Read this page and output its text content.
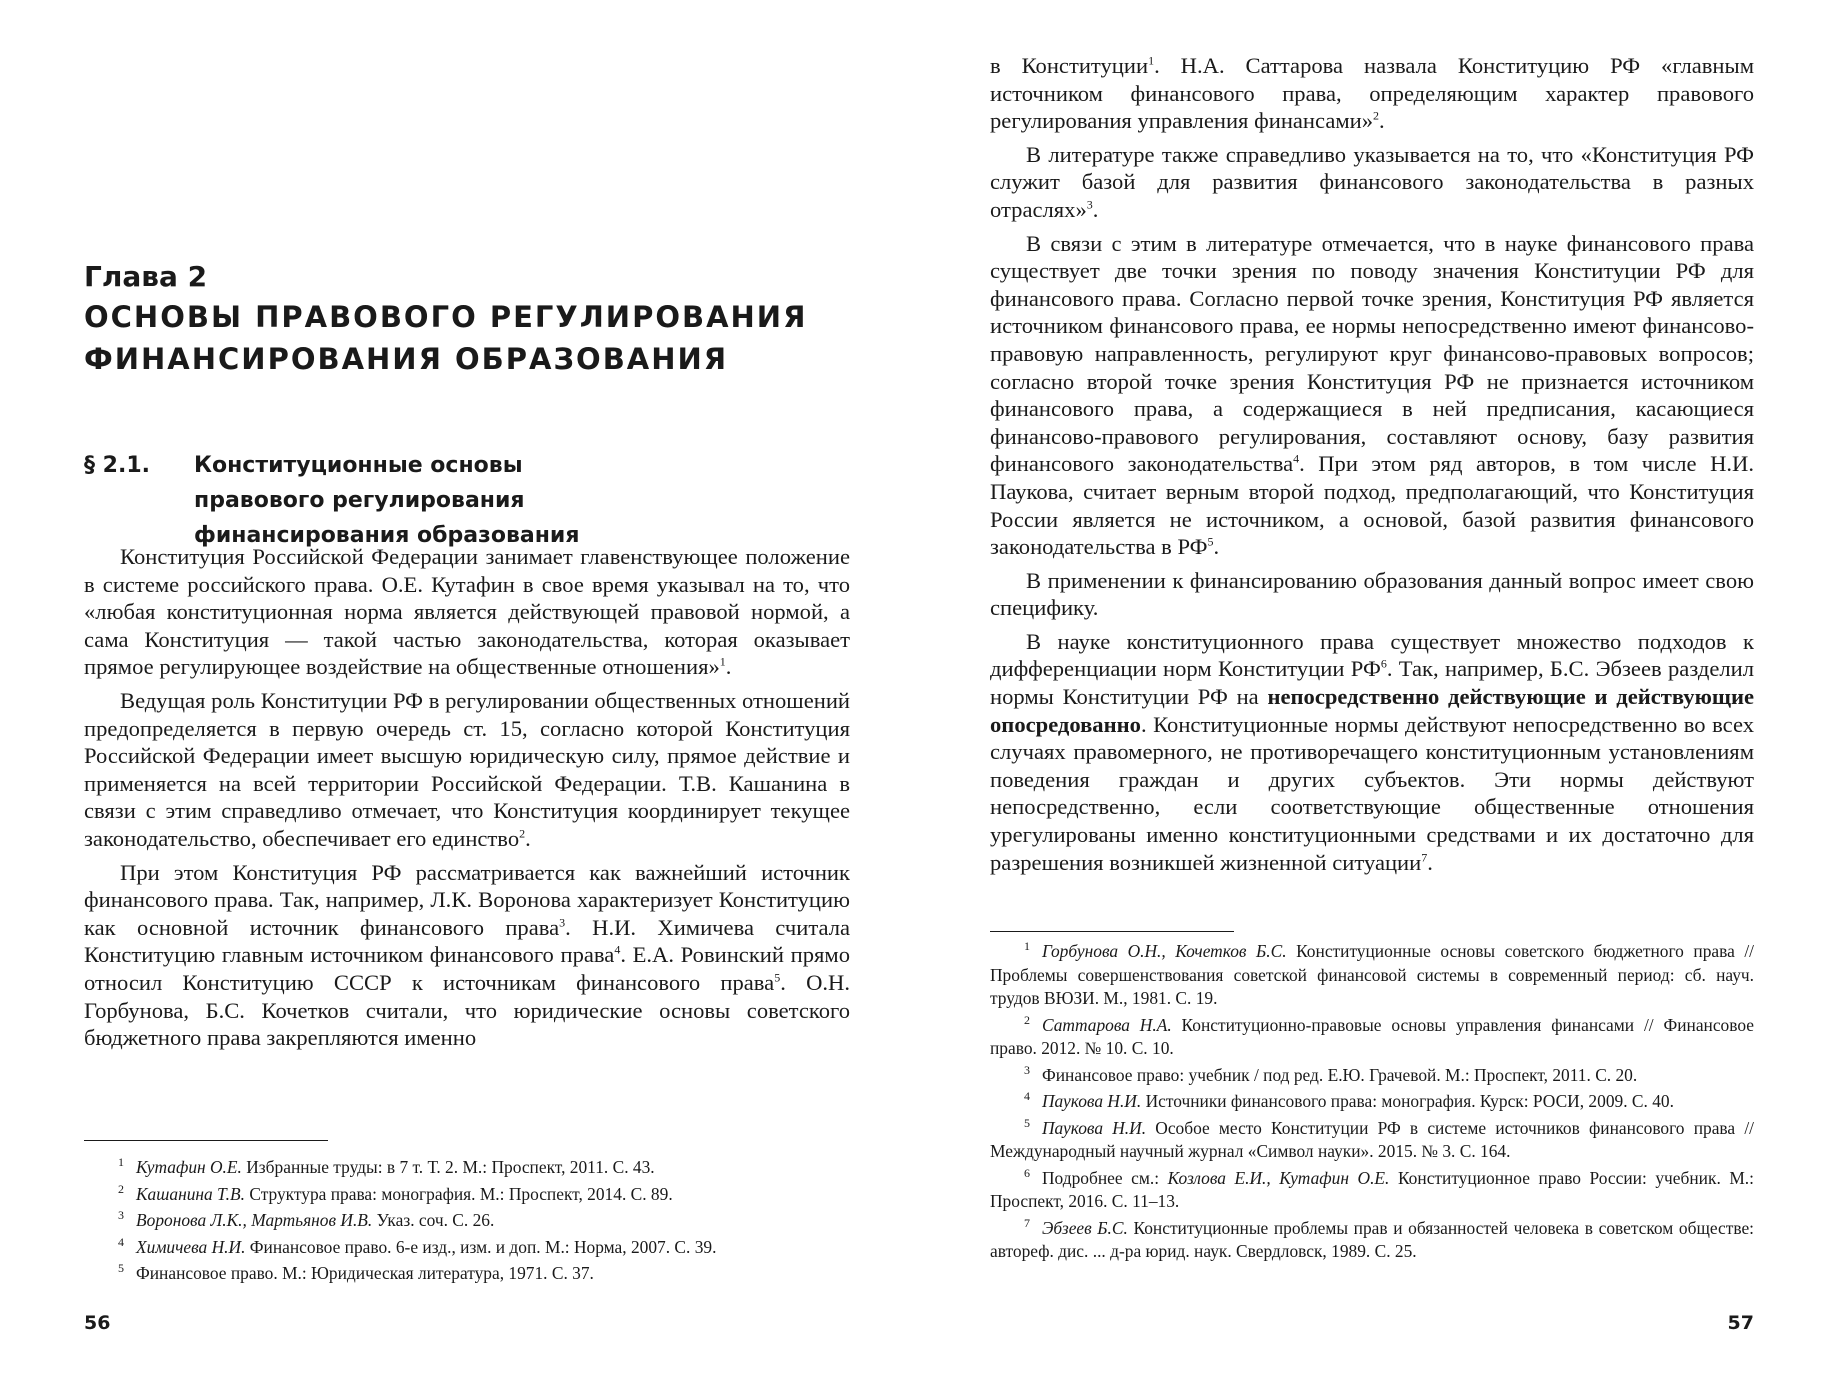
Глава 2
ОСНОВЫ ПРАВОВОГО РЕГУЛИРОВАНИЯ
ФИНАНСИРОВАНИЯ ОБРАЗОВАНИЯ
§ 2.1. Конституционные основы
правового регулирования
финансирования образования

Конституция Российской Федерации занимает главенствующее положение в системе российского права. О.Е. Кутафин в свое время указывал на то, что «любая конституционная норма является действующей правовой нормой, а сама Конституция — такой частью законодательства, которая оказывает прямое регулирующее воздействие на общественные отношения»$^1$.

Ведущая роль Конституции РФ в регулировании общественных отношений предопределяется в первую очередь ст. 15, согласно которой Конституция Российской Федерации имеет высшую юридическую силу, прямое действие и применяется на всей территории Российской Федерации. Т.В. Кашанина в связи с этим справедливо отмечает, что Конституция координирует текущее законодательство, обеспечивает его единство$^2$.

При этом Конституция РФ рассматривается как важнейший источник финансового права. Так, например, Л.К. Воронова характеризует Конституцию как основной источник финансового права$^3$. Н.И. Химичева считала Конституцию главным источником финансового права$^4$. Е.А. Ровинский прямо относил Конституцию СССР к источникам финансового права$^5$. О.Н. Горбунова, Б.С. Кочетков считали, что юридические основы советского бюджетного права закрепляются именно

$^1$ Кутафин О.Е. Избранные труды: в 7 т. Т. 2. М.: Проспект, 2011. С. 43.

$^2$ Кашанина Т.В. Структура права: монография. М.: Проспект, 2014. С. 89.

$^3$ Воронова Л.К., Мартьянов И.В. Указ. соч. С. 26.

$^4$ Химичева Н.И. Финансовое право. 6-е изд., изм. и доп. М.: Норма, 2007. С. 39.

$^5$ Финансовое право. М.: Юридическая литература, 1971. С. 37.

56

в Конституции$^1$. Н.А. Саттарова назвала Конституцию РФ «главным источником финансового права, определяющим характер правового регулирования управления финансами»$^2$.

В литературе также справедливо указывается на то, что «Конституция РФ служит базой для развития финансового законодательства в разных отраслях»$^3$.

В связи с этим в литературе отмечается, что в науке финансового права существует две точки зрения по поводу значения Конституции РФ для финансового права. Согласно первой точке зрения, Конституция РФ является источником финансового права, ее нормы непосредственно имеют финансово-правовую направленность, регулируют круг финансово-правовых вопросов; согласно второй точке зрения Конституция РФ не признается источником финансового права, а содержащиеся в ней предписания, касающиеся финансово-правового регулирования, составляют основу, базу развития финансового законодательства$^4$. При этом ряд авторов, в том числе Н.И. Паукова, считает верным второй подход, предполагающий, что Конституция России является не источником, а основой, базой развития финансового законодательства в $РФ^5$.

В применении к финансированию образования данный вопрос имеет свою специфику.

В науке конституционного права существует множество подходов к дифференциации норм Конституции $РФ^6$. Так, например, Б.С. Эбзеев разделил нормы Конституции РФ на непосредственно действующие и действующие опосредованно. Конституционные нормы действуют непосредственно во всех случаях правомерного, не противоречащего конституционным установлениям поведения граждан и других субъектов. Эти нормы действуют непосредственно, если соответствующие общественные отношения урегулированы именно конституционными средствами и их достаточно для разрешения возникшей жизненной ситуации$^7$.

$^1$ Горбунова О.Н., Кочетков Б.С. Конституционные основы советского бюджетного права // Проблемы совершенствования советской финансовой системы в современный период: сб. науч. трудов ВЮЗИ. М., 1981. С. 19.

$^2$ Саттарова Н.А. Конституционно-правовые основы управления финансами // Финансовое право. 2012. № 10. С. 10.

$^3$ Финансовое право: учебник / под ред. Е.Ю. Грачевой. М.: Проспект, 2011. С. 20.

$^4$ Паукова Н.И. Источники финансового права: монография. Курск: РОСИ, 2009. С. 40.

$^5$ Паукова Н.И. Особое место Конституции РФ в системе источников финансового права // Международный научный журнал «Символ науки». 2015. № 3. С. 164.

$^6$ Подробнее см.: Козлова Е.И., Кутафин О.Е. Конституционное право России: учебник. М.: Проспект, 2016. С. 11–13.

$^7$ Эбзеев Б.С. Конституционные проблемы прав и обязанностей человека в советском обществе: автореф. дис. ... д-ра юрид. наук. Свердловск, 1989. С. 25.

57
